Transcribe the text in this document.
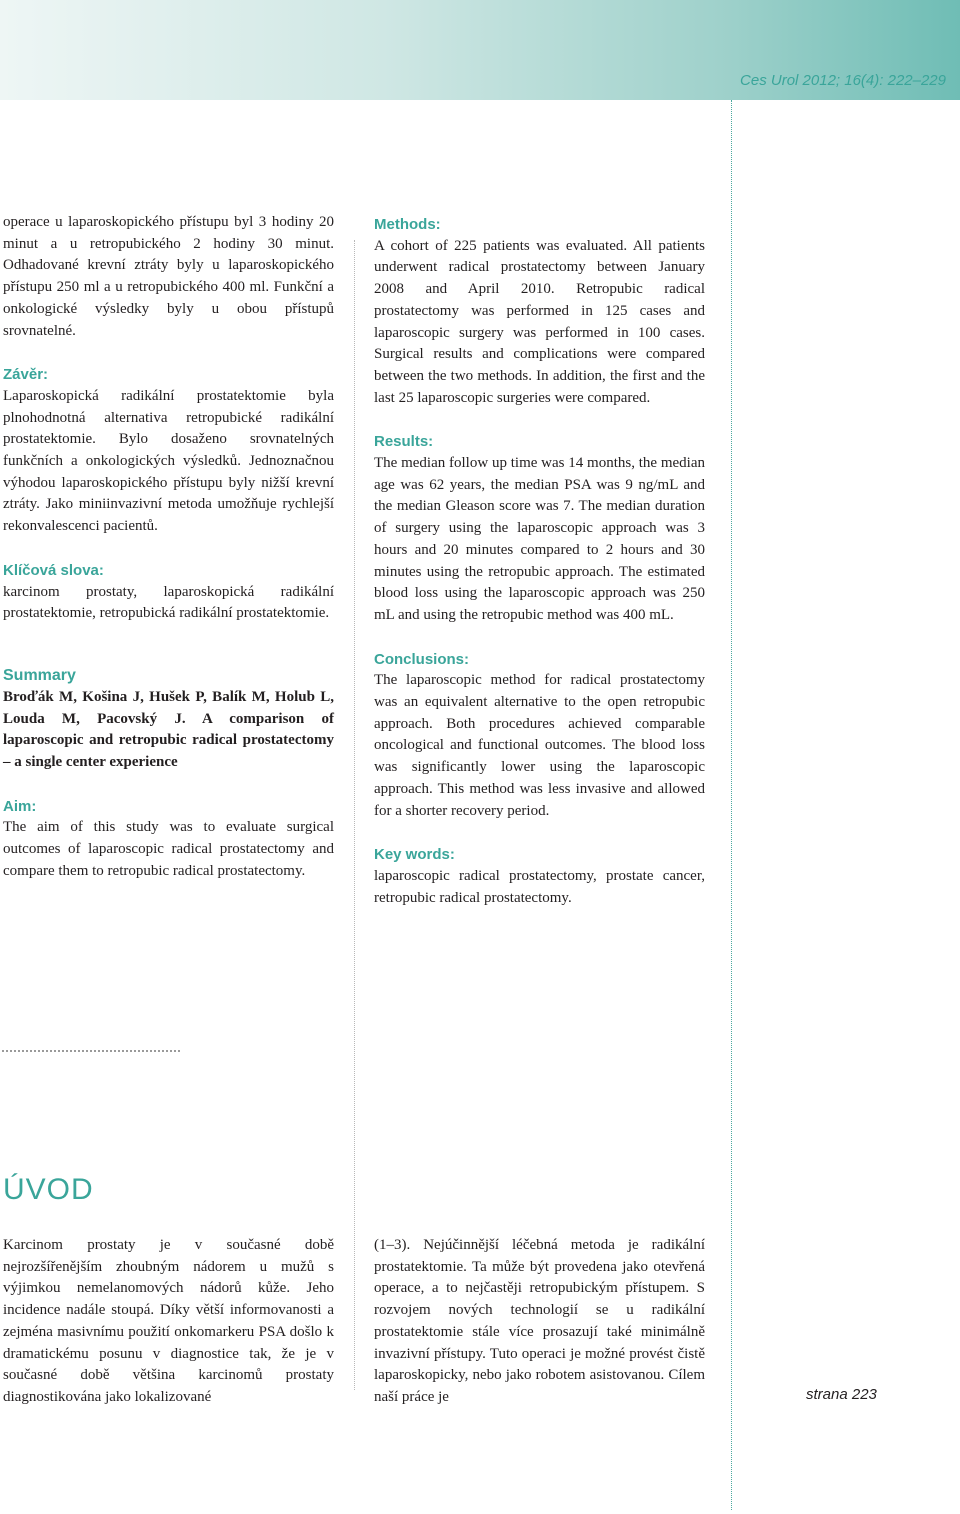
Ces Urol 2012; 16(4): 222–229

operace u laparoskopického přístupu byl 3 hodiny 20 minut a u retropubického 2 hodiny 30 minut. Odhadované krevní ztráty byly u laparoskopického přístupu 250 ml a u retropubického 400 ml. Funkční a onkologické výsledky byly u obou přístupů srovnatelné.

Závěr:

Laparoskopická radikální prostatektomie byla plnohodnotná alternativa retropubické radikální prostatektomie. Bylo dosaženo srovnatelných funkčních a onkologických výsledků. Jednoznačnou výhodou laparoskopického přístupu byly nižší krevní ztráty. Jako miniinvazivní metoda umožňuje rychlejší rekonvalescenci pacientů.

Klíčová slova:

karcinom prostaty, laparoskopická radikální prostatektomie, retropubická radikální prostatektomie.

Summary

Broďák M, Košina J, Hušek P, Balík M, Holub L, Louda M, Pacovský J. A comparison of laparoscopic and retropubic radical prostatectomy – a single center experience

Aim:

The aim of this study was to evaluate surgical outcomes of laparoscopic radical prostatectomy and compare them to retropubic radical prostatectomy.

Methods:

A cohort of 225 patients was evaluated. All patients underwent radical prostatectomy between January 2008 and April 2010. Retropubic radical prostatectomy was performed in 125 cases and laparoscopic surgery was performed in 100 cases. Surgical results and complications were compared between the two methods. In addition, the first and the last 25 laparoscopic surgeries were compared.

Results:

The median follow up time was 14 months, the median age was 62 years, the median PSA was 9 ng/mL and the median Gleason score was 7. The median duration of surgery using the laparoscopic approach was 3 hours and 20 minutes compared to 2 hours and 30 minutes using the retropubic approach. The estimated blood loss using the laparoscopic approach was 250 mL and using the retropubic method was 400 mL.

Conclusions:

The laparoscopic method for radical prostatectomy was an equivalent alternative to the open retropubic approach. Both procedures achieved comparable oncological and functional outcomes. The blood loss was significantly lower using the laparoscopic approach. This method was less invasive and allowed for a shorter recovery period.

Key words:

laparoscopic radical prostatectomy, prostate cancer, retropubic radical prostatectomy.

ÚVOD
Karcinom prostaty je v současné době nejrozšířenějším zhoubným nádorem u mužů s výjimkou nemelanomových nádorů kůže. Jeho incidence nadále stoupá. Díky větší informovanosti a zejména masivnímu použití onkomarkeru PSA došlo k dramatickému posunu v diagnostice tak, že je v současné době většina karcinomů prostaty diagnostikována jako lokalizované
(1–3). Nejúčinnější léčebná metoda je radikální prostatektomie. Ta může být provedena jako otevřená operace, a to nejčastěji retropubickým přístupem. S rozvojem nových technologií se u radikální prostatektomie stále více prosazují také minimálně invazivní přístupy. Tuto operaci je možné provést čistě laparoskopicky, nebo jako robotem asistovanou. Cílem naší práce je	strana 223
